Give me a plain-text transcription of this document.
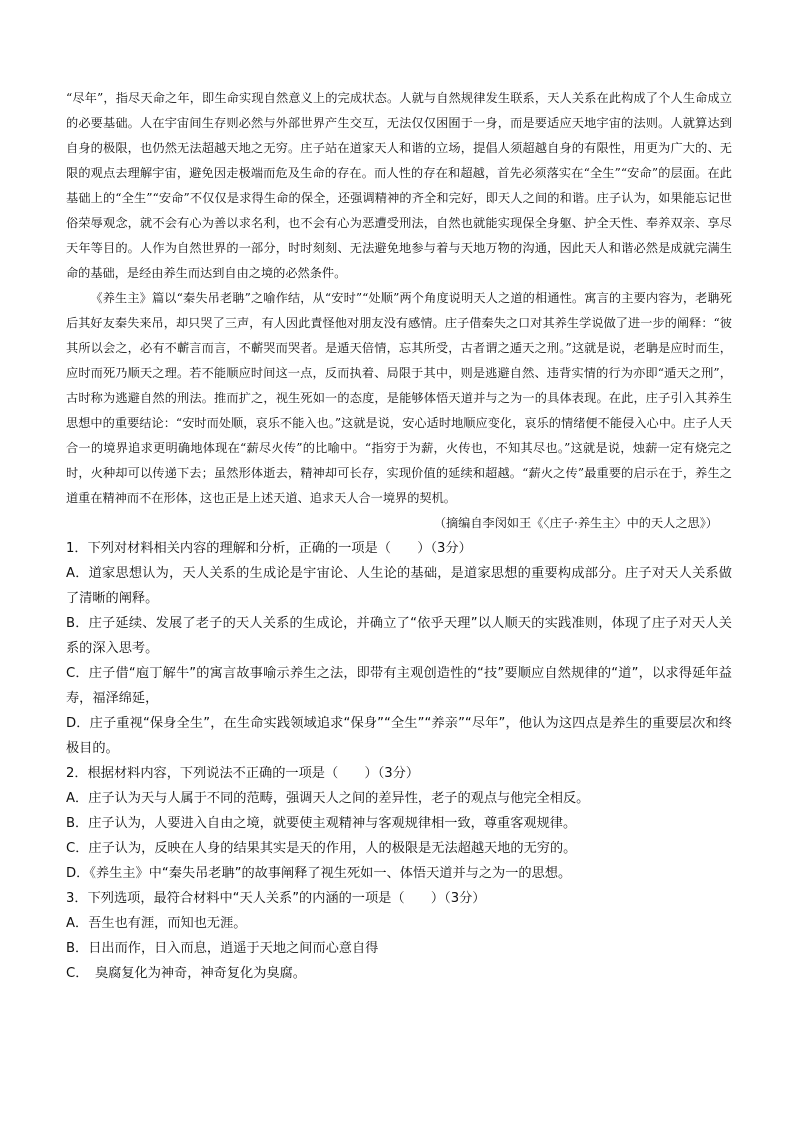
“尽年”，指尽天命之年，即生命实现自然意义上的完成状态。人就与自然规律发生联系，天人关系在此构成了个人生命成立的必要基础。人在宇宙间生存则必然与外部世界产生交互，无法仅仅困囿于一身，而是要适应天地宇宙的法则。人就算达到自身的极限，也仍然无法超越天地之无穷。庄子站在道家天人和谐的立场，提倡人须超越自身的有限性，用更为广大的、无限的观点去理解宇宙，避免因走极端而危及生命的存在。而人性的存在和超越，首先必须落实在“全生”“安命”的层面。在此基础上的“全生”“安命”不仅仅是求得生命的保全，还强调精神的齐全和完好，即天人之间的和谐。庄子认为，如果能忘记世俗荣辱观念，就不会有心为善以求名利，也不会有心为恶遭受刑法，自然也就能实现保全身躯、护全天性、奉养双亲、享尽天年等目的。人作为自然世界的一部分，时时刻刻、无法避免地参与着与天地万物的沟通，因此天人和谐必然是成就完满生命的基础，是经由养生而达到自由之境的必然条件。

《养生主》篇以“秦失吊老聃”之喻作结，从“安时”“处顺”两个角度说明天人之道的相通性。寓言的主要内容为，老聃死后其好友秦失来吊，却只哭了三声，有人因此責怪他对朋友没有感情。庄子借秦失之口对其养生学说做了进一步的阐释：“彼其所以会之，必有不蘄言而言，不蘄哭而哭者。是遁天倍情，忘其所受，古者谓之遁天之刑。”这就是说，老聃是应时而生，应时而死乃顺天之理。若不能顺应时间这一点，反而执着、局限于其中，则是逃避自然、违背实情的行为亦即“遁天之刑”，古时称为逃避自然的刑法。推而扩之，视生死如一的态度，是能够体悟天道并与之为一的具体表现。在此，庄子引入其养生思想中的重要结论：“安时而处顺，哀乐不能入也。”这就是说，安心适时地顺应变化，哀乐的情绪便不能侵入心中。庄子人天合一的境界追求更明确地体现在“薪尽火传”的比喻中。“指穷于为薪，火传也，不知其尽也。”这就是说，烛薪一定有烧完之时，火种却可以传递下去；虽然形体逝去，精神却可长存，实现价值的延续和超越。“薪火之传”最重要的启示在于，养生之道重在精神而不在形体，这也正是上述天道、追求天人合一境界的契机。

（摘编自李闵如王《〈庄子·养生主〉中的天人之思》）

1．下列对材料相关内容的理解和分析，正确的一项是（　　）（3分）

A．道家思想认为，天人关系的生成论是宇宙论、人生论的基础，是道家思想的重要构成部分。庄子对天人关系做了清晰的阐释。

B．庄子延续、发展了老子的天人关系的生成论，并确立了“依乎天理”以人顺天的实践准则，体现了庄子对天人关系的深入思考。

C．庄子借“庖丁解牛”的寓言故事喻示养生之法，即带有主观创造性的“技”要顺应自然规律的“道”，以求得延年益寿，福泽绵延，

D．庄子重视“保身全生”，在生命实践领域追求“保身”“全生”“养亲”“尽年”，他认为这四点是养生的重要层次和终极目的。

2．根据材料内容，下列说法不正确的一项是（　　）（3分）

A．庄子认为天与人属于不同的范畴，强调天人之间的差异性，老子的观点与他完全相反。

B．庄子认为，人要进入自由之境，就要使主观精神与客观规律相一致，尊重客观规律。

C．庄子认为，反映在人身的结果其实是天的作用，人的极限是无法超越天地的无穷的。

D．《养生主》中“秦失吊老聃”的故事阐释了视生死如一、体悟天道并与之为一的思想。

3．下列选项，最符合材料中“天人关系”的内涵的一项是（　　）（3分）

A．吾生也有涯，而知也无涯。

B．日出而作，日入而息，逍遥于天地之间而心意自得

C．　臭腐复化为神奇，神奇复化为臭腐。
